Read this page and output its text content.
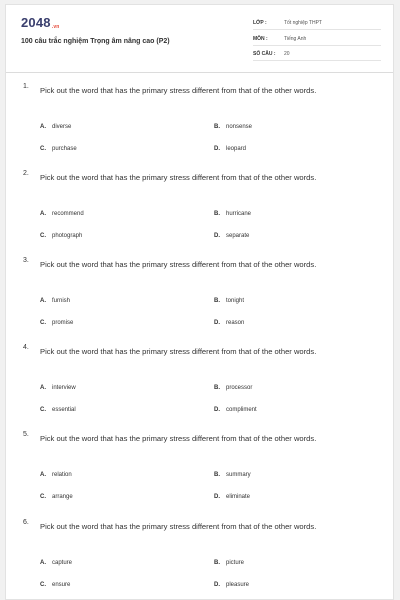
2048.vn
100 câu trắc nghiệm Trọng âm nâng cao (P2)
LỚP :	Tốt nghiệp THPT
MÔN :	Tiếng Anh
SỐ CÂU : 20
1. Pick out the word that has the primary stress different from that of the other words.
A. diverse	B. nonsense
C. purchase	D. leopard
2. Pick out the word that has the primary stress different from that of the other words.
A. recommend	B. hurricane
C. photograph	D. separate
3. Pick out the word that has the primary stress different from that of the other words.
A. furnish	B. tonight
C. promise	D. reason
4. Pick out the word that has the primary stress different from that of the other words.
A. interview	B. processor
C. essential	D. compliment
5. Pick out the word that has the primary stress different from that of the other words.
A. relation	B. summary
C. arrange	D. eliminate
6. Pick out the word that has the primary stress different from that of the other words.
A. capture	B. picture
C. ensure	D. pleasure
